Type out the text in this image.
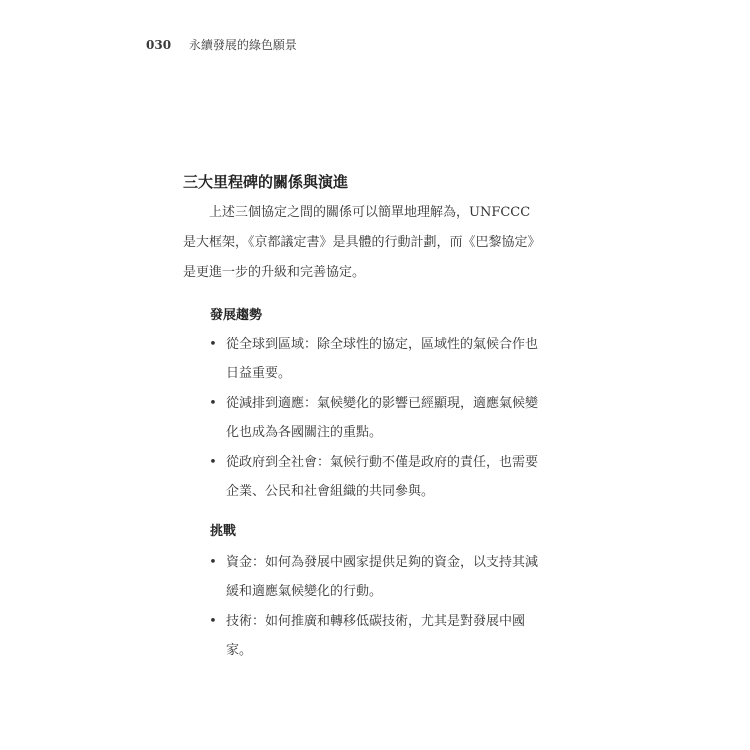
030 永續發展的綠色願景
三大里程碑的關係與演進
上述三個協定之間的關係可以簡單地理解為，UNFCCC是大框架，《京都議定書》是具體的行動計劃，而《巴黎協定》是更進一步的升級和完善協定。
發展趨勢
• 從全球到區域：除全球性的協定，區域性的氣候合作也日益重要。
• 從減排到適應：氣候變化的影響已經顯現，適應氣候變化也成為各國關注的重點。
• 從政府到全社會：氣候行動不僅是政府的責任，也需要企業、公民和社會組織的共同參與。
挑戰
• 資金：如何為發展中國家提供足夠的資金，以支持其減緩和適應氣候變化的行動。
• 技術：如何推廣和轉移低碳技術，尤其是對發展中國家。
